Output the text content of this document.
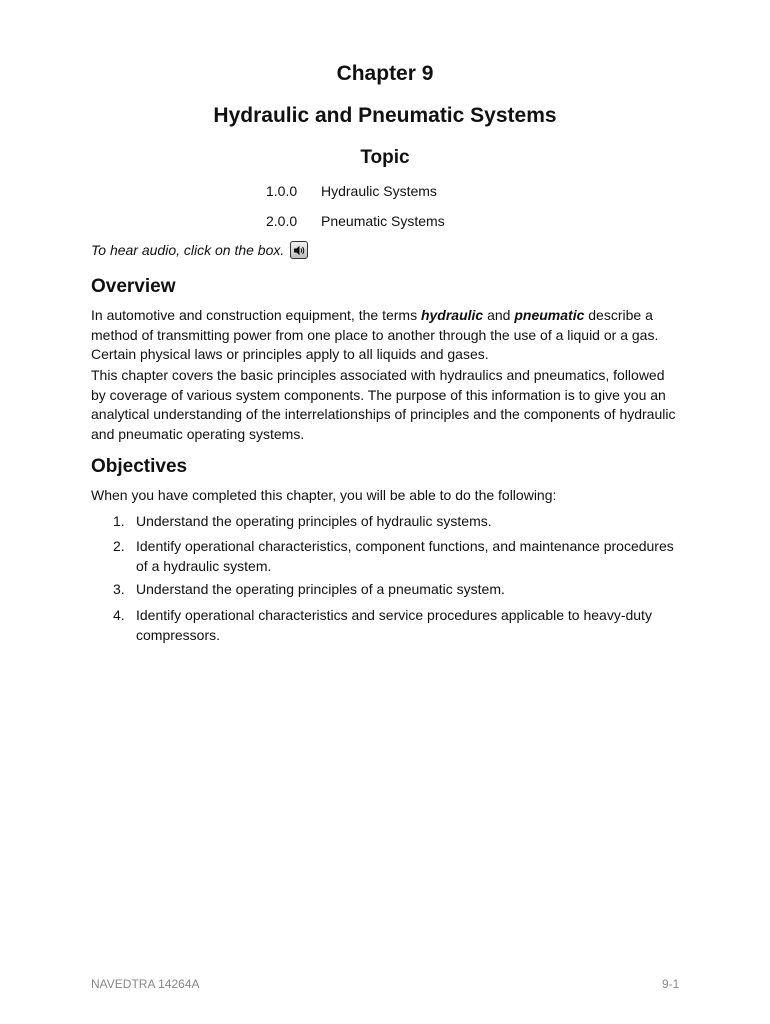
Chapter 9
Hydraulic and Pneumatic Systems
Topic
1.0.0 Hydraulic Systems
2.0.0 Pneumatic Systems
To hear audio, click on the box.
Overview
In automotive and construction equipment, the terms hydraulic and pneumatic describe a method of transmitting power from one place to another through the use of a liquid or a gas. Certain physical laws or principles apply to all liquids and gases.
This chapter covers the basic principles associated with hydraulics and pneumatics, followed by coverage of various system components. The purpose of this information is to give you an analytical understanding of the interrelationships of principles and the components of hydraulic and pneumatic operating systems.
Objectives
When you have completed this chapter, you will be able to do the following:
1. Understand the operating principles of hydraulic systems.
2. Identify operational characteristics, component functions, and maintenance procedures of a hydraulic system.
3. Understand the operating principles of a pneumatic system.
4. Identify operational characteristics and service procedures applicable to heavy-duty compressors.
NAVEDTRA 14264A	9-1
